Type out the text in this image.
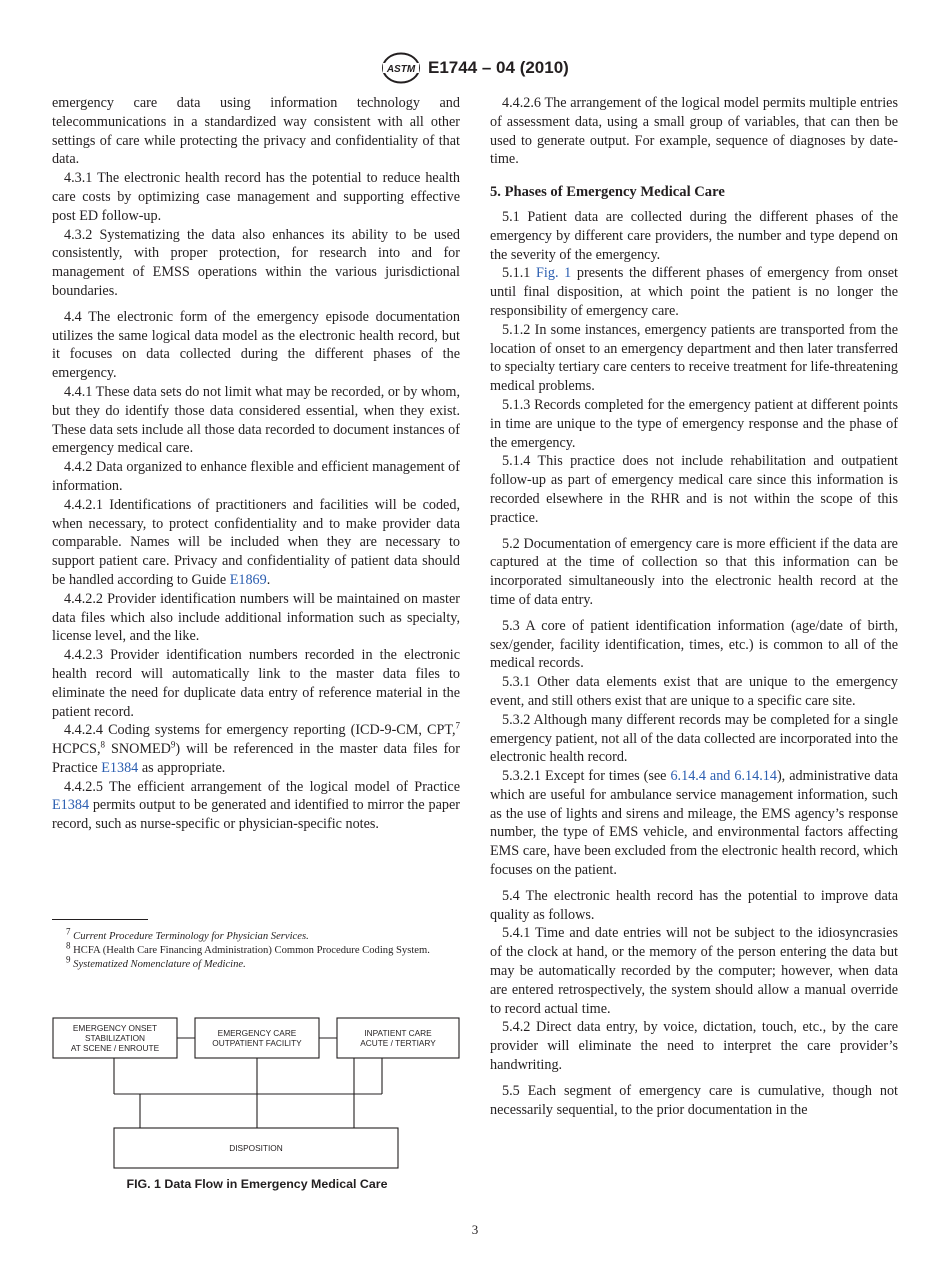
ASTM E1744 – 04 (2010)

emergency care data using information technology and telecommunications in a standardized way consistent with all other settings of care while protecting the privacy and confidentiality of that data.

4.3.1 The electronic health record has the potential to reduce health care costs by optimizing case management and supporting effective post ED follow-up.

4.3.2 Systematizing the data also enhances its ability to be used consistently, with proper protection, for research into and for management of EMSS operations within the various jurisdictional boundaries.

4.4 The electronic form of the emergency episode documentation utilizes the same logical data model as the electronic health record, but it focuses on data collected during the different phases of the emergency.

4.4.1 These data sets do not limit what may be recorded, or by whom, but they do identify those data considered essential, when they exist. These data sets include all those data recorded to document instances of emergency medical care.

4.4.2 Data organized to enhance flexible and efficient management of information.

4.4.2.1 Identifications of practitioners and facilities will be coded, when necessary, to protect confidentiality and to make provider data comparable. Names will be included when they are necessary to support patient care. Privacy and confidentiality of patient data should be handled according to Guide E1869.

4.4.2.2 Provider identification numbers will be maintained on master data files which also include additional information such as specialty, license level, and the like.

4.4.2.3 Provider identification numbers recorded in the electronic health record will automatically link to the master data files to eliminate the need for duplicate data entry of reference material in the patient record.

4.4.2.4 Coding systems for emergency reporting (ICD-9-CM, CPT,$^7$ HCPCS,$^8$ SNOMED$^9$) will be referenced in the master data files for Practice E1384 as appropriate.

4.4.2.5 The efficient arrangement of the logical model of Practice E1384 permits output to be generated and identified to mirror the paper record, such as nurse-specific or physician-specific notes.

$^7$ Current Procedure Terminology for Physician Services.

$^8$ HCFA (Health Care Financing Administration) Common Procedure Coding System.

$^9$ Systematized Nomenclature of Medicine.

EMERGENCY ONSET
STABILIZATION
AT SCENE / ENROUTE
EMERGENCY CARE
OUTPATIENT FACILITY
INPATIENT CARE
ACUTE / TERTIARY
DISPOSITION
FIG. 1 Data Flow in Emergency Medical Care

4.4.2.6 The arrangement of the logical model permits multiple entries of assessment data, using a small group of variables, that can then be used to generate output. For example, sequence of diagnoses by date-time.

5. Phases of Emergency Medical Care

5.1 Patient data are collected during the different phases of the emergency by different care providers, the number and type depend on the severity of the emergency.

5.1.1 Fig. 1 presents the different phases of emergency from onset until final disposition, at which point the patient is no longer the responsibility of emergency care.

5.1.2 In some instances, emergency patients are transported from the location of onset to an emergency department and then later transferred to specialty tertiary care centers to receive treatment for life-threatening medical problems.

5.1.3 Records completed for the emergency patient at different points in time are unique to the type of emergency response and the phase of the emergency.

5.1.4 This practice does not include rehabilitation and outpatient follow-up as part of emergency medical care since this information is recorded elsewhere in the RHR and is not within the scope of this practice.

5.2 Documentation of emergency care is more efficient if the data are captured at the time of collection so that this information can be incorporated simultaneously into the electronic health record at the time of data entry.

5.3 A core of patient identification information (age/date of birth, sex/gender, facility identification, times, etc.) is common to all of the medical records.

5.3.1 Other data elements exist that are unique to the emergency event, and still others exist that are unique to a specific care site.

5.3.2 Although many different records may be completed for a single emergency patient, not all of the data collected are incorporated into the electronic health record.

5.3.2.1 Except for times (see 6.14.4 and 6.14.14), administrative data which are useful for ambulance service management information, such as the use of lights and sirens and mileage, the EMS agency’s response number, the type of EMS vehicle, and environmental factors affecting EMS care, have been excluded from the electronic health record, which focuses on the patient.

5.4 The electronic health record has the potential to improve data quality as follows.

5.4.1 Time and date entries will not be subject to the idiosyncrasies of the clock at hand, or the memory of the person entering the data but may be automatically recorded by the computer; however, when data are entered retrospectively, the system should allow a manual override to record actual time.

5.4.2 Direct data entry, by voice, dictation, touch, etc., by the care provider will eliminate the need to interpret the care provider’s handwriting.

5.5 Each segment of emergency care is cumulative, though not necessarily sequential, to the prior documentation in the

3
